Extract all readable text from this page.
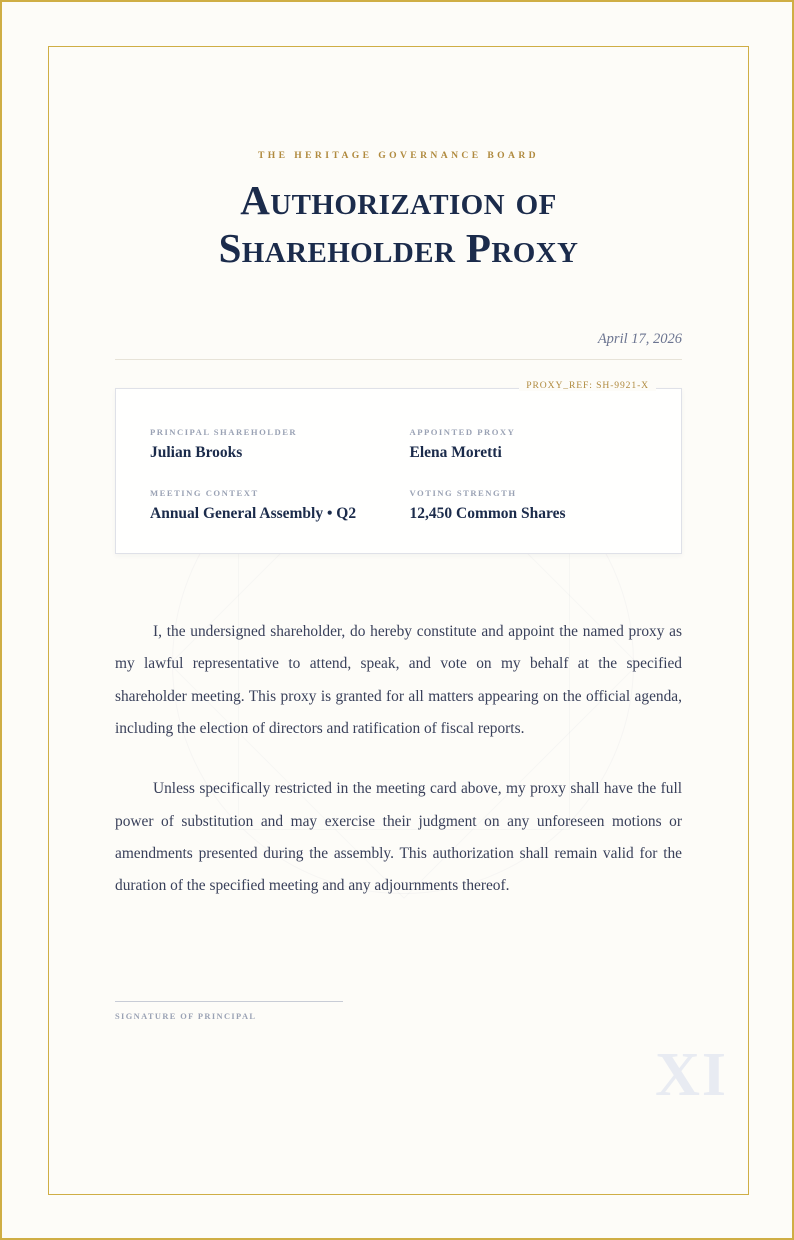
THE HERITAGE GOVERNANCE BOARD
Authorization of
Shareholder Proxy
April 17, 2026
PROXY_REF: SH-9921-X
PRINCIPAL SHAREHOLDER
Julian Brooks
APPOINTED PROXY
Elena Moretti
MEETING CONTEXT
Annual General Assembly • Q2
VOTING STRENGTH
12,450 Common Shares

I, the undersigned shareholder, do hereby constitute and appoint the named proxy as my lawful representative to attend, speak, and vote on my behalf at the specified shareholder meeting. This proxy is granted for all matters appearing on the official agenda, including the election of directors and ratification of fiscal reports.

Unless specifically restricted in the meeting card above, my proxy shall have the full power of substitution and may exercise their judgment on any unforeseen motions or amendments presented during the assembly. This authorization shall remain valid for the duration of the specified meeting and any adjournments thereof.

SIGNATURE OF PRINCIPAL
XI
